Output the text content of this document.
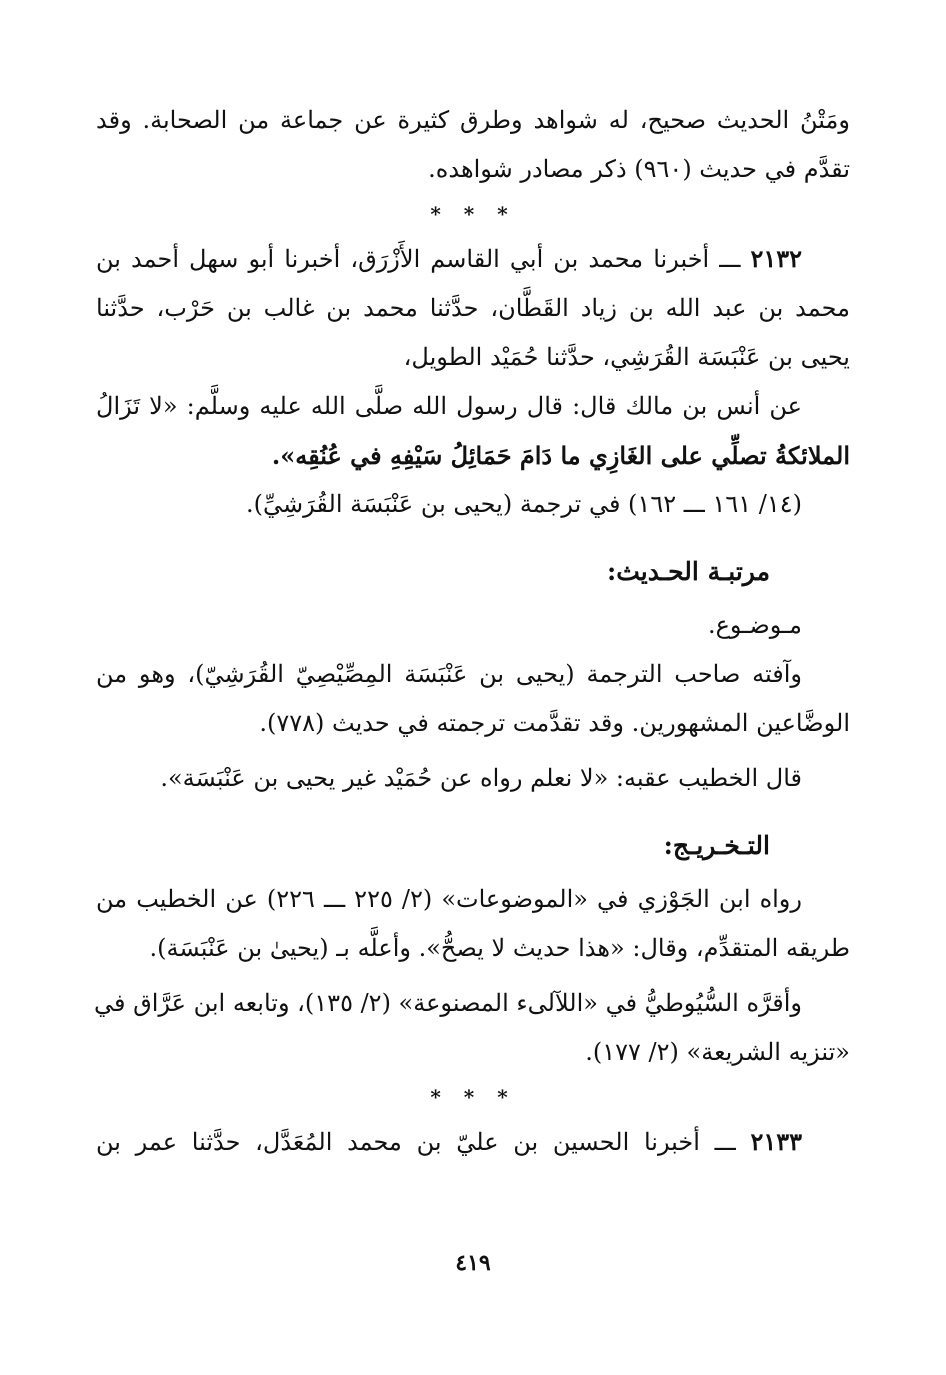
ومَتْنُ الحديث صحيح، له شواهد وطرق كثيرة عن جماعة من الصحابة. وقد
تقدَّم في حديث (٩٦٠) ذكر مصادر شواهده.
* * *
٢١٣٢ ـــ أخبرنا محمد بن أبي القاسم الأَزْرَق، أخبرنا أبو سهل أحمد بن
محمد بن عبد الله بن زياد القَطَّان، حدَّثنا محمد بن غالب بن حَرْب، حدَّثنا
يحيى بن عَنْبَسَة القُرَشِي، حدَّثنا حُمَيْد الطويل،
عن أنس بن مالك قال: قال رسول الله صلَّى الله عليه وسلَّم: «لا تَزَالُ
الملائكةُ تصلِّي على الغَازِي ما دَامَ حَمَائِلُ سَيْفِهِ في عُنُقِه».
(١٤/ ١٦١ ـــ ١٦٢) في ترجمة (يحيى بن عَنْبَسَة القُرَشِيِّ).
مرتبـة الحـديث:
مـوضـوع.
وآفته صاحب الترجمة (يحيى بن عَنْبَسَة المِصِّيْصِيّ القُرَشِيّ)، وهو من
الوضَّاعين المشهورين. وقد تقدَّمت ترجمته في حديث (٧٧٨).
قال الخطيب عقبه: «لا نعلم رواه عن حُمَيْد غير يحيى بن عَنْبَسَة».
التـخـريـج:
رواه ابن الجَوْزي في «الموضوعات» (٢/ ٢٢٥ ـــ ٢٢٦) عن الخطيب من
طريقه المتقدِّم، وقال: «هذا حديث لا يصحُّ». وأعلَّه بـ (يحيىٰ بن عَنْبَسَة).
وأقرَّه السُّيُوطيُّ في «اللآلىء المصنوعة» (٢/ ١٣٥)، وتابعه ابن عَرَّاق في
«تنزيه الشريعة» (٢/ ١٧٧).
* * *
٢١٣٣ ـــ أخبرنا الحسين بن عليّ بن محمد المُعَدَّل، حدَّثنا عمر بن
٤١٩
